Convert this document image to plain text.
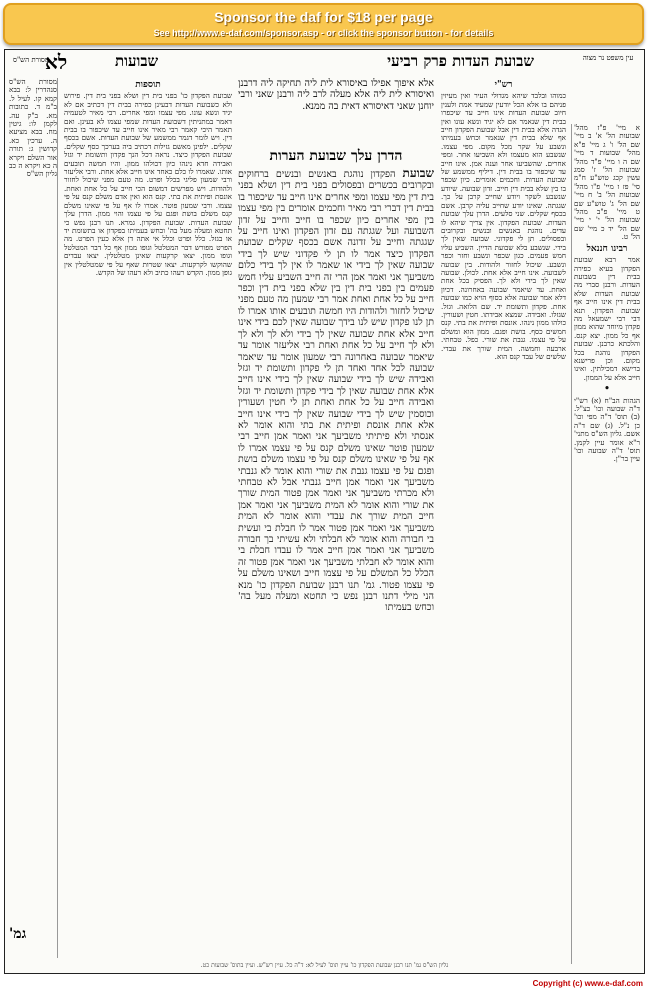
Sponsor the daf for $18 per page
See http://www.e-daf.com/sponsor.asp - or click the sponsor button - for details
עין משפט נר מצוה
שבועת העדות פרק רביעי
שבועות
לא
מסורת הש"ס
א מיי' פ"ז מהל' שבועות הל' א' ב מיי' שם הל' ו' ג מיי' פ"א מהל' שבועות ד מיי' שם ה ו מיי' פ"ד מהל' שבועות הל' ז' סמג עשין קכג טוש"ע ח"מ סי' פז ז מיי' פ"ו מהל' שבועות הל' ב' ח מיי' שם הל' ג' טוש"ע שם ט מיי' פ"ב מהל' שבועות הל' י' י מיי' שם הל' יד כ מיי' שם הל' ט.
רבינו חננאל
אמר רבא שבועת הפקדון בעיא כפירה בבית דין כשבועת העדות. ורבנן סברי מה שבועת העדות שלא בבית דין אינו חייב אף שבועת הפקדון. תנא דבי רבי ישמעאל מה פקדון מיוחד שהוא ממון אף כל ממון. יצא קנס. והלכתא כרבנן. שבועת הפקדון נוהגת בכל מקום. וכן פרישנא ברישא דמכילתין. ואינו חייב אלא על הממון.
•
הגהות הב"ח (א) רש"י ד"ה שבועה וכו' כצ"ל. (ב) תוס' ד"ה מפי וכו' כן נ"ל. (ג) שם ד"ה אשם. גליון הש"ס מתני' ר"א אומר עיין לקמן. תוס' ד"ה שבועה וכו' עיין בר"ן.
רש"י
כמוהו ובלבד שיהא מגדולי העיר ואין מעיזין פניהם בו אלא הכל יודעין שמעיד אמת ולענין חיוב שבועת העדות אינו חייב עד שיכפרו בבית דין שנאמר אם לא יגיד ונשא עונו ואין הגדה אלא בבית דין אבל שבועת הפקדון חייב אף שלא בבית דין שנאמר וכחש בעמיתו ונשבע על שקר מכל מקום. מפי עצמו. שנשבע הוא מעצמו ולא השביעו אחר. ומפי אחרים. שהשביעו אחר וענה אמן. אינו חייב עד שיכפור בו בבית דין. דיליף ממשמע של שבועת העדות. וחכמים אומרים. כיון שכפר בו בין שלא בבית דין חייב. זדון שבועה. שיודע שנשבע לשקר ויודע שחייב קרבן על כך. שגגתה. שאינו יודע שחייב עליה קרבן. אשם בכסף שקלים. שני סלעים. הדרן עלך שבועת העדות. שבועת הפקדון. אין צריך שיהא לו עדים. נוהגת באנשים ובנשים ובקרובים ובפסולים. תן לי פקדוני. שבועה שאין לך בידי. שנשבע בלא שבועת הדיין. השביע עליו חמש פעמים. כגון שכפר ונשבע וחזר וכפר ונשבע. שיכול לחזור ולהודות. בין שבועה לשבועה. אינו חייב אלא אחת. לכולן. שבועה שאין לך בידי ולא לך. הפסיק בכל אחת ואחת. עד שיאמר שבועה באחרונה. דכיון דלא אמר שבועה אלא בסוף הויא כמו שבועה אחת. פקדון ותשומת יד. שם הלואה. וגזל. שגזלו. ואבידה. שמצא אבידתו. חטין ושעורין. כולהו ממון נינהו. אונסת ופיתית את בתי. קנס חמשים כסף. בושת ופגם. ממון הוא ומשלם על פי עצמו. גנבת את שורי. כפל. טבחתי. ארבעה וחמשה. המית שורך את עבדי. שלשים של עבד קנס הוא.
אלא איפוך אפילו באיסורא לית ליה תחיקה ליה דרבנן ואיסורא לית ליה אלא מעלה לרב ליה ורבנן שאני ורבי יוחנן שאני דאיסורא דאית בה ממנא.
הדרן עלך שבועת הערות
שבועת הפקדון נוהגת באנשים ובנשים ברחוקים ובקרובים בכשרים ובפסולים בפני בית דין ושלא בפני בית דין מפי עצמו ומפי אחרים אינו חייב עד שיכפור בו בבית דין דברי רבי מאיר וחכמים אומרים בין מפי עצמו בין מפי אחרים כיון שכפר בו חייב וחייב על זדון השבועה ועל שגגתה עם זדון הפקדון ואינו חייב על שגגתה וחייב על זדונה אשם בכסף שקלים שבועת הפקדון כיצד אמר לו תן לי פקדוני שיש לך בידי שבועה שאין לך בידי או שאמר לו אין לך בידי כלום משביעך אני ואמר אמן הרי זה חייב השביע עליו חמש פעמים בין בפני בית דין בין שלא בפני בית דין וכפר חייב על כל אחת ואחת אמר רבי שמעון מה טעם מפני שיכול לחזור ולהודות היו חמשה תובעים אותו אמרו לו תן לנו פקדון שיש לנו בידך שבועה שאין לכם בידי אינו חייב אלא אחת שבועה שאין לך בידי ולא לך ולא לך ולא לך חייב על כל אחת ואחת רבי אליעזר אומר עד שיאמר שבועה באחרונה רבי שמעון אומר עד שיאמר שבועה לכל אחד ואחד תן לי פקדון ותשומת יד וגזל ואבידה שיש לך בידי שבועה שאין לך בידי אינו חייב אלא אחת שבועה שאין לך בידי פקדון ותשומת יד וגזל ואבידה חייב על כל אחת ואחת תן לי חטין ושעורין וכוסמין שיש לך בידי שבועה שאין לך בידי אינו חייב אלא אחת אונסת ופיתית את בתי והוא אומר לא אנסתי ולא פיתיתי משביעך אני ואמר אמן חייב רבי שמעון פוטר שאינו משלם קנס על פי עצמו אמרו לו אף על פי שאינו משלם קנס על פי עצמו משלם בושת ופגם על פי עצמו גנבת את שורי והוא אומר לא גנבתי משביעך אני ואמר אמן חייב גנבתי אבל לא טבחתי ולא מכרתי משביעך אני ואמר אמן פטור המית שורך את שורי והוא אומר לא המית משביעך אני ואמר אמן חייב המית שורך את עבדי והוא אומר לא המית משביעך אני ואמר אמן פטור אמר לו חבלת בי ועשית בי חבורה והוא אומר לא חבלתי ולא עשיתי בך חבורה משביעך אני ואמר אמן חייב אמר לו עבדו חבלת בי והוא אומר לא חבלתי משביעך אני ואמר אמן פטור זה הכלל כל המשלם על פי עצמו חייב ושאינו משלם על פי עצמו פטור. גמ' תנו רבנן שבועת הפקדון כו' מנא הני מילי דתנו רבנן נפש כי תחטא ומעלה מעל בה' וכחש בעמיתו
תוספות
שבועת הפקדון כו' בפני בית דין ושלא בפני בית דין. פירוש ולא כשבועת העדות דבעינן כפירה בבית דין דכתיב אם לא יגיד ונשא עונו. מפי עצמו ומפי אחרים. רבי מאיר לטעמיה דאמר במתניתין דשבועת העדות שמפי עצמו לא בעינן. ואם תאמר היכי קאמר רבי מאיר אינו חייב עד שיכפור בו בבית דין. ויש לומר דגמר ממשמע של שבועת העדות. אשם בכסף שקלים. ילפינן מאשם גזילות דכתיב ביה בערכך כסף שקלים. שבועת הפקדון כיצד. נראה דכל הנך פקדון ותשומת יד וגזל ואבידה חדא נינהו כיון דכולהו ממון. והיו חמשה תובעים אותו. שאמרו לו כלם כאחד אינו חייב אלא אחת. ורבי אליעזר ורבי שמעון פליגי בכלל ופרט. מה טעם מפני שיכול לחזור ולהודות. ויש מפרשים דמשום הכי חייב על כל אחת ואחת. אונסת ופיתית את בתי. קנס הוא ואין אדם משלם קנס על פי עצמו. ורבי שמעון פוטר. אמרו לו אף על פי שאינו משלם קנס משלם בושת ופגם על פי עצמו והוי ממון. הדרן עלך שבועת העדות. שבועת הפקדון. גמרא. תנו רבנן נפש כי תחטא ומעלה מעל בה' וכחש בעמיתו בפקדון או בתשומת יד או בגזל. כלל ופרט וכלל אי אתה דן אלא כעין הפרט. מה הפרט מפורש דבר המטלטל וגופו ממון אף כל דבר המטלטל וגופו ממון. יצאו קרקעות שאינן מטלטלין. יצאו עבדים שהוקשו לקרקעות. יצאו שטרות שאף על פי שמטלטלין אין גופן ממון. הקדש רעהו כתיב ולא רעהו של הקדש.
מסורת הש"ס סנהדרין ל: בבא קמא קו. לעיל ל. ב"מ ד. כתובות מא. ב"ק עה. לקמן לו: גיטין מח. בבא מציעא ה. ערכין כא. קדושין ג: תורה אור השלם ויקרא ה כא ויקרא ה כב גליון הש"ס
גמ'
גליון הש"ס גמ' תנו רבנן שבועת הפקדון כו' עיין תוס' לעיל לא: ד"ה כל. עיין רש"ש. ועיין בתוס' שבועות כט.
Copyright (c) www.e-daf.com
